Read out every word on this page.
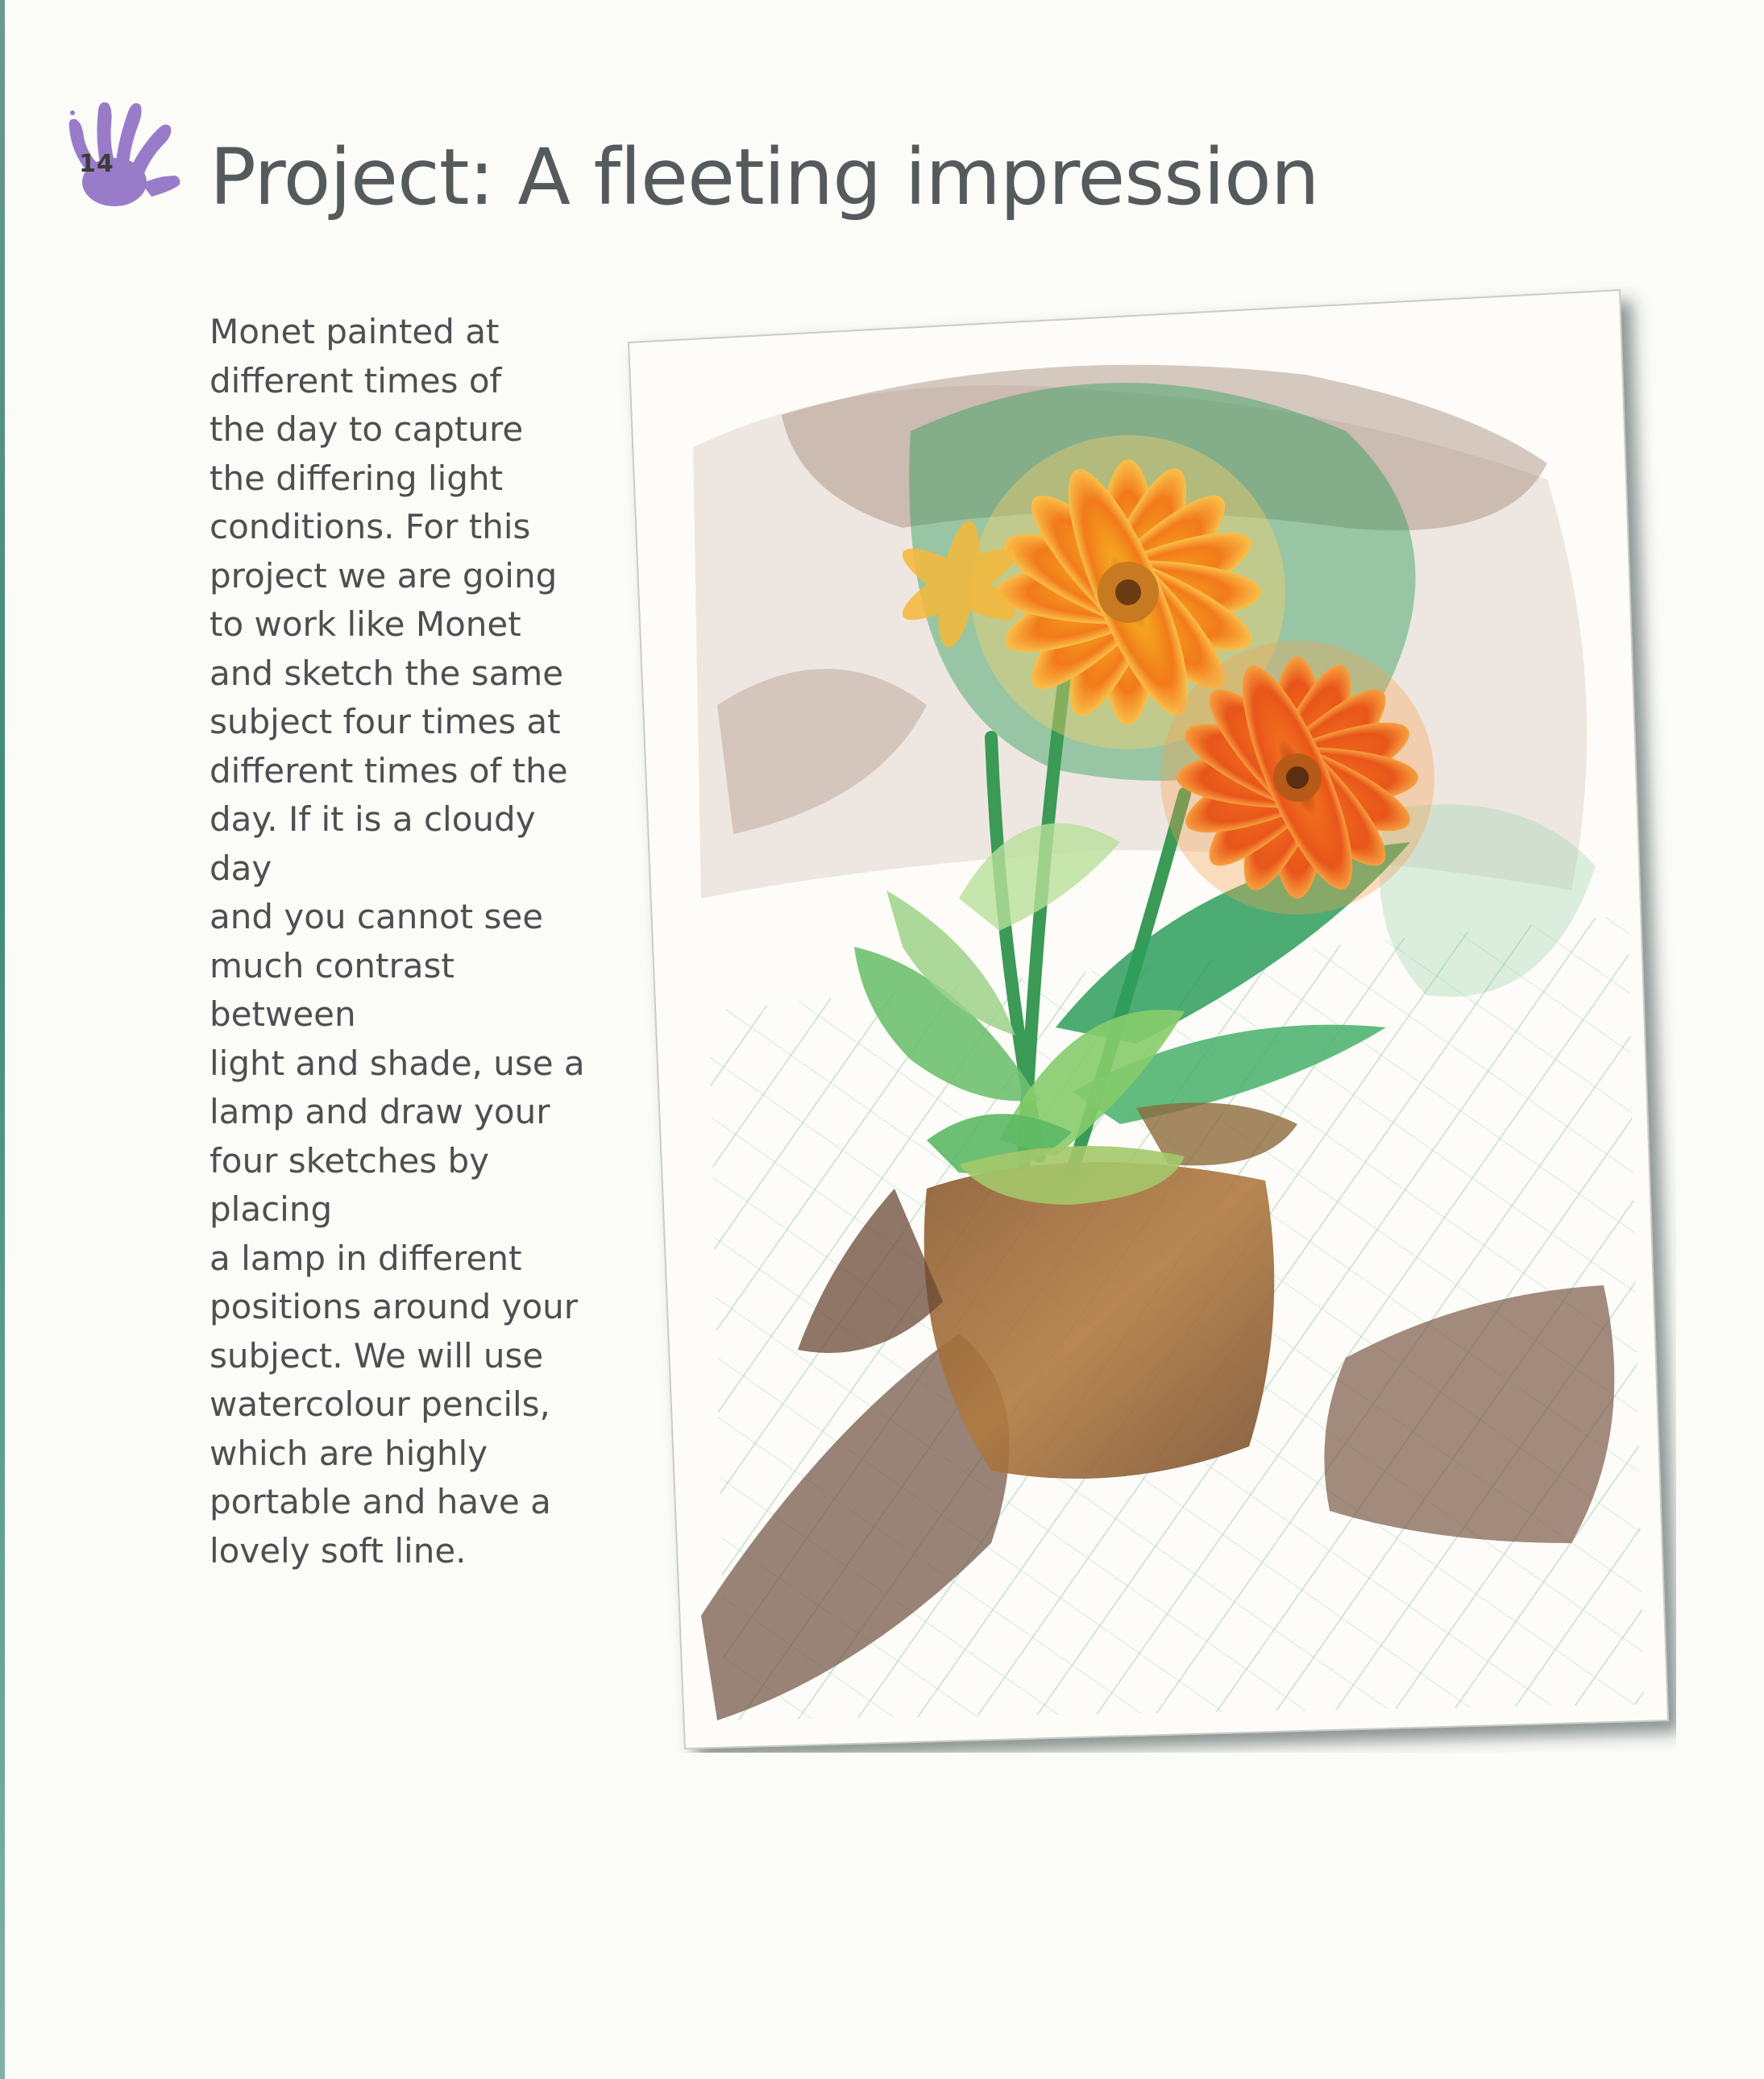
14 Project: A fleeting impression

Monet painted at
different times of
the day to capture
the differing light
conditions. For this
project we are going
to work like Monet
and sketch the same
subject four times at
different times of the
day. If it is a cloudy day
and you cannot see
much contrast between
light and shade, use a
lamp and draw your
four sketches by placing
a lamp in different
positions around your
subject. We will use
watercolour pencils,
which are highly
portable and have a
lovely soft line.
